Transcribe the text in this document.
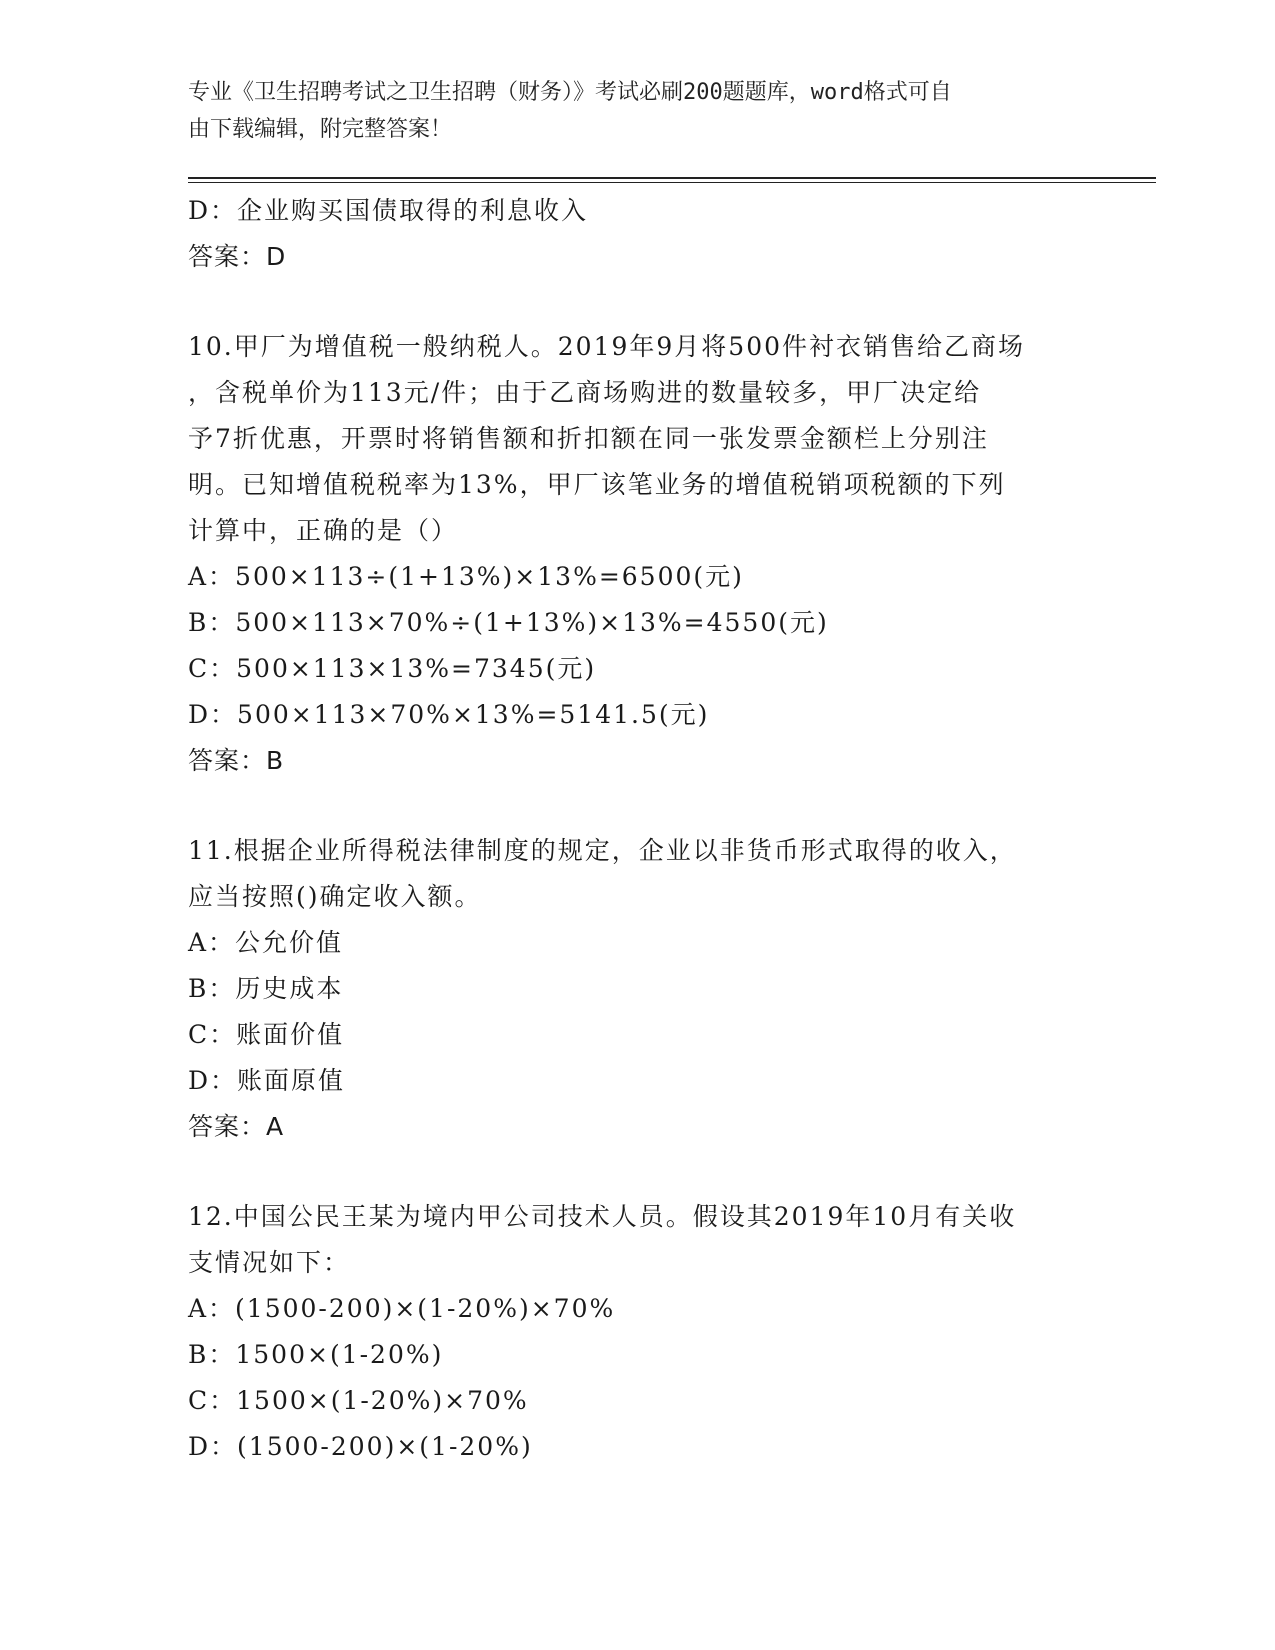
专业《卫生招聘考试之卫生招聘（财务）》考试必刷200题题库，word格式可自
由下载编辑，附完整答案！
D：企业购买国债取得的利息收入
答案：D
10.甲厂为增值税一般纳税人。2019年9月将500件衬衣销售给乙商场
，含税单价为113元/件；由于乙商场购进的数量较多，甲厂决定给
予7折优惠，开票时将销售额和折扣额在同一张发票金额栏上分别注
明。已知增值税税率为13%，甲厂该笔业务的增值税销项税额的下列
计算中，正确的是（）
A：500×113÷(1+13%)×13%=6500(元)
B：500×113×70%÷(1+13%)×13%=4550(元)
C：500×113×13%=7345(元)
D：500×113×70%×13%=5141.5(元)
答案：B
11.根据企业所得税法律制度的规定，企业以非货币形式取得的收入，
应当按照()确定收入额。
A：公允价值
B：历史成本
C：账面价值
D：账面原值
答案：A
12.中国公民王某为境内甲公司技术人员。假设其2019年10月有关收
支情况如下：
A：(1500-200)×(1-20%)×70%
B：1500×(1-20%)
C：1500×(1-20%)×70%
D：(1500-200)×(1-20%)
